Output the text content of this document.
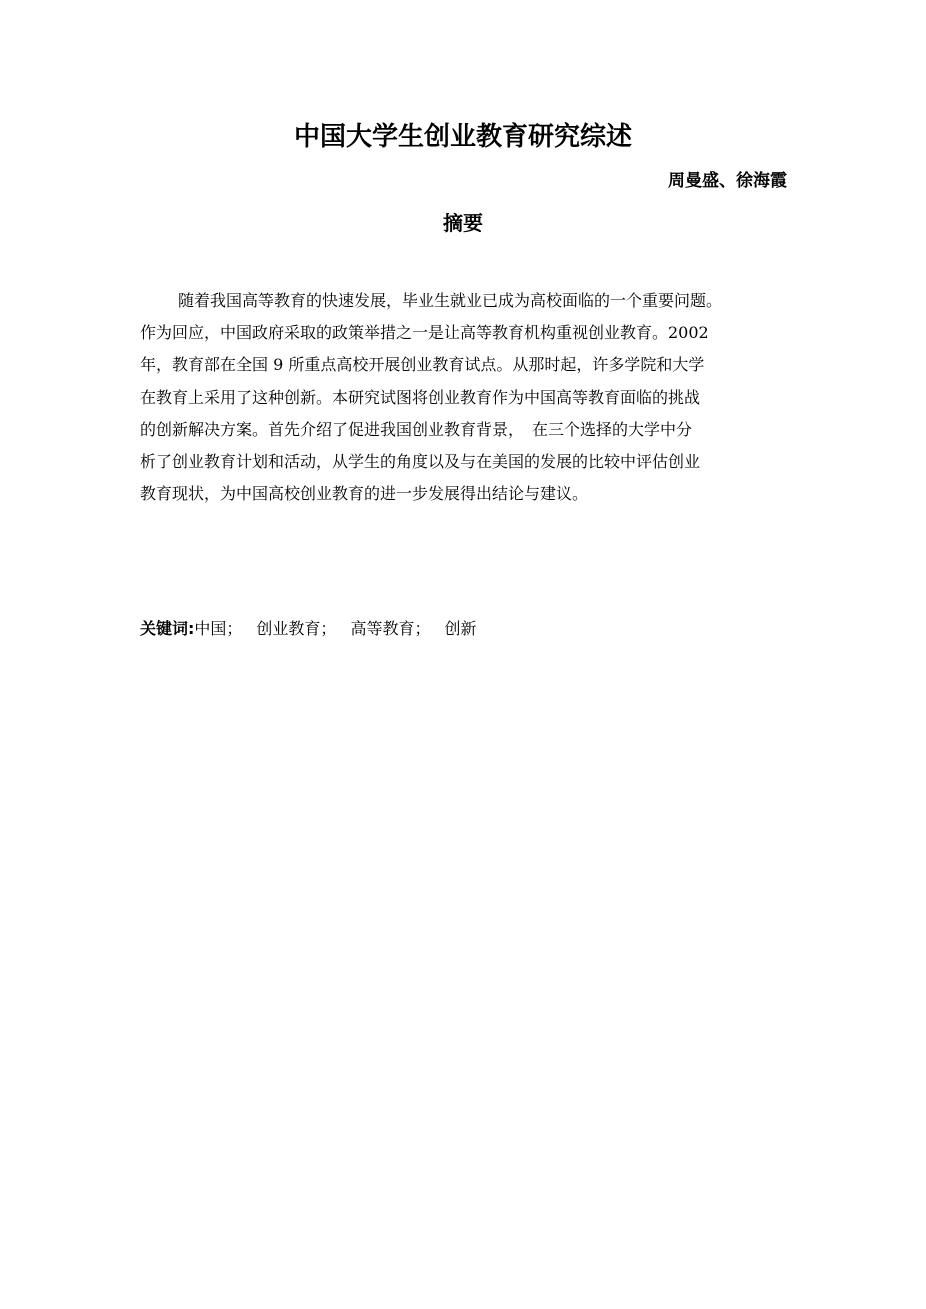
中国大学生创业教育研究综述
周曼盛、徐海霞
摘要
随着我国高等教育的快速发展，毕业生就业已成为高校面临的一个重要问题。
作为回应，中国政府采取的政策举措之一是让高等教育机构重视创业教育。2002
年，教育部在全国 9 所重点高校开展创业教育试点。从那时起，许多学院和大学
在教育上采用了这种创新。本研究试图将创业教育作为中国高等教育面临的挑战
的创新解决方案。首先介绍了促进我国创业教育背景，　在三个选择的大学中分
析了创业教育计划和活动，从学生的角度以及与在美国的发展的比较中评估创业
教育现状，为中国高校创业教育的进一步发展得出结论与建议。
关键词:中国； 创业教育； 高等教育； 创新
